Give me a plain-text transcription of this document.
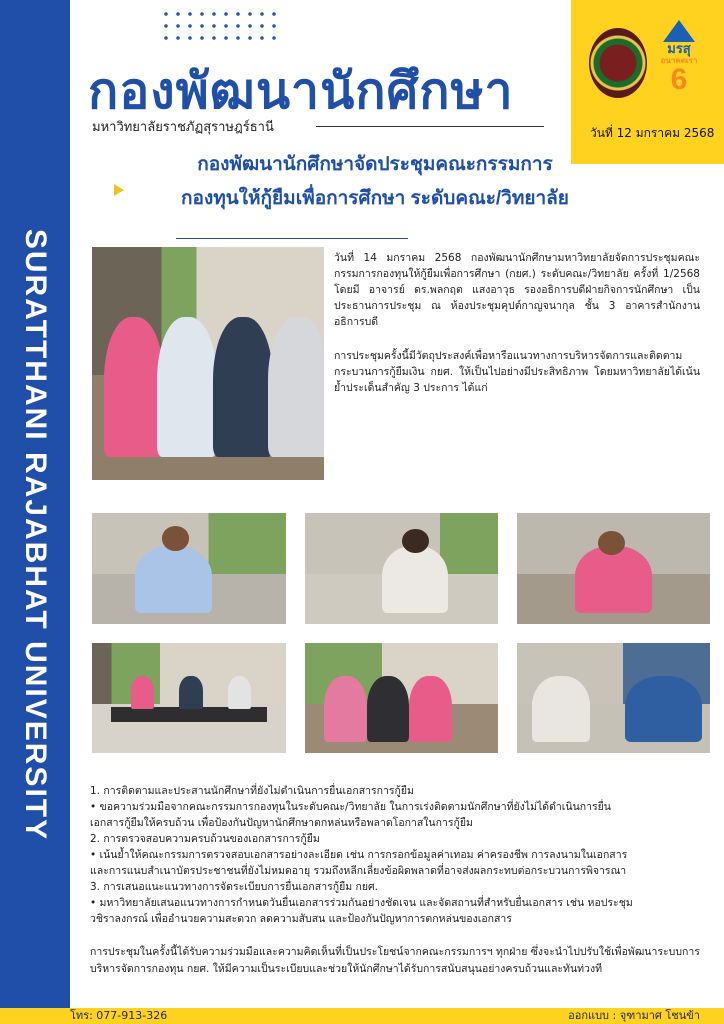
SURATTHANI RAJABHAT UNIVERSITY
กองพัฒนานักศึกษา
มหาวิทยาลัยราชภัฏสุราษฎร์ธานี
มรสุ
อนาคตเรา
6
วันที่ 12 มกราคม 2568
กองพัฒนานักศึกษาจัดประชุมคณะกรรมการ
กองทุนให้กู้ยืมเพื่อการศึกษา ระดับคณะ/วิทยาลัย
วันที่ 14 มกราคม 2568 กองพัฒนานักศึกษามหาวิทยาลัยจัดการประชุมคณะกรรมการกองทุนให้กู้ยืมเพื่อการศึกษา (กยศ.) ระดับคณะ/วิทยาลัย ครั้งที่ 1/2568 โดยมี อาจารย์ ดร.พลกฤต แสงอาวุธ รองอธิการบดีฝ่ายกิจการนักศึกษา เป็นประธานการประชุม ณ ห้องประชุมคุปต์กาญจนากุล ชั้น 3 อาคารสำนักงานอธิการบดี
การประชุมครั้งนี้มีวัตถุประสงค์เพื่อหารือแนวทางการบริหารจัดการและติดตามกระบวนการกู้ยืมเงิน กยศ. ให้เป็นไปอย่างมีประสิทธิภาพ โดยมหาวิทยาลัยได้เน้นย้ำประเด็นสำคัญ 3 ประการ ได้แก่
1. การติดตามและประสานนักศึกษาที่ยังไม่ดำเนินการยื่นเอกสารการกู้ยืม
• ขอความร่วมมือจากคณะกรรมการกองทุนในระดับคณะ/วิทยาลัย ในการเร่งติดตามนักศึกษาที่ยังไม่ได้ดำเนินการยื่น
เอกสารกู้ยืมให้ครบถ้วน เพื่อป้องกันปัญหานักศึกษาตกหล่นหรือพลาดโอกาสในการกู้ยืม
2. การตรวจสอบความครบถ้วนของเอกสารการกู้ยืม
• เน้นย้ำให้คณะกรรมการตรวจสอบเอกสารอย่างละเอียด เช่น การกรอกข้อมูลค่าเทอม ค่าครองชีพ การลงนามในเอกสาร
และการแนบสำเนาบัตรประชาชนที่ยังไม่หมดอายุ รวมถึงหลีกเลี่ยงข้อผิดพลาดที่อาจส่งผลกระทบต่อกระบวนการพิจารณา
3. การเสนอแนะแนวทางการจัดระเบียบการยื่นเอกสารกู้ยืม กยศ.
• มหาวิทยาลัยเสนอแนวทางการกำหนดวันยื่นเอกสารร่วมกันอย่างชัดเจน และจัดสถานที่สำหรับยื่นเอกสาร เช่น หอประชุม
วชิราลงกรณ์ เพื่ออำนวยความสะดวก ลดความสับสน และป้องกันปัญหาการตกหล่นของเอกสาร
การประชุมในครั้งนี้ได้รับความร่วมมือและความคิดเห็นที่เป็นประโยชน์จากคณะกรรมการฯ ทุกฝ่าย ซึ่งจะนำไปปรับใช้เพื่อพัฒนาระบบการบริหารจัดการกองทุน กยศ. ให้มีความเป็นระเบียบและช่วยให้นักศึกษาได้รับการสนับสนุนอย่างครบถ้วนและทันท่วงที
โทร: 077-913-326	ออกแบบ : จุฑามาศ โชนข้า
